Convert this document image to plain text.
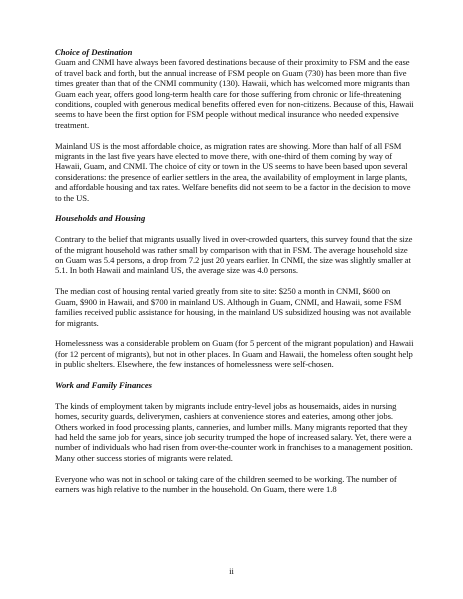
Choice of Destination

Guam and CNMI have always been favored destinations because of their proximity to FSM and the ease of travel back and forth, but the annual increase of FSM people on Guam (730) has been more than five times greater than that of the CNMI community (130). Hawaii, which has welcomed more migrants than Guam each year, offers good long-term health care for those suffering from chronic or life-threatening conditions, coupled with generous medical benefits offered even for non-citizens. Because of this, Hawaii seems to have been the first option for FSM people without medical insurance who needed expensive treatment.

Mainland US is the most affordable choice, as migration rates are showing. More than half of all FSM migrants in the last five years have elected to move there, with one-third of them coming by way of Hawaii, Guam, and CNMI. The choice of city or town in the US seems to have been based upon several considerations: the presence of earlier settlers in the area, the availability of employment in large plants, and affordable housing and tax rates. Welfare benefits did not seem to be a factor in the decision to move to the US.

Households and Housing

Contrary to the belief that migrants usually lived in over-crowded quarters, this survey found that the size of the migrant household was rather small by comparison with that in FSM. The average household size on Guam was 5.4 persons, a drop from 7.2 just 20 years earlier. In CNMI, the size was slightly smaller at 5.1. In both Hawaii and mainland US, the average size was 4.0 persons.

The median cost of housing rental varied greatly from site to site: $250 a month in CNMI, $600 on Guam, $900 in Hawaii, and $700 in mainland US. Although in Guam, CNMI, and Hawaii, some FSM families received public assistance for housing, in the mainland US subsidized housing was not available for migrants.

Homelessness was a considerable problem on Guam (for 5 percent of the migrant population) and Hawaii (for 12 percent of migrants), but not in other places. In Guam and Hawaii, the homeless often sought help in public shelters. Elsewhere, the few instances of homelessness were self-chosen.

Work and Family Finances

The kinds of employment taken by migrants include entry-level jobs as housemaids, aides in nursing homes, security guards, deliverymen, cashiers at convenience stores and eateries, among other jobs. Others worked in food processing plants, canneries, and lumber mills. Many migrants reported that they had held the same job for years, since job security trumped the hope of increased salary. Yet, there were a number of individuals who had risen from over-the-counter work in franchises to a management position. Many other success stories of migrants were related.

Everyone who was not in school or taking care of the children seemed to be working. The number of earners was high relative to the number in the household. On Guam, there were 1.8

ii
